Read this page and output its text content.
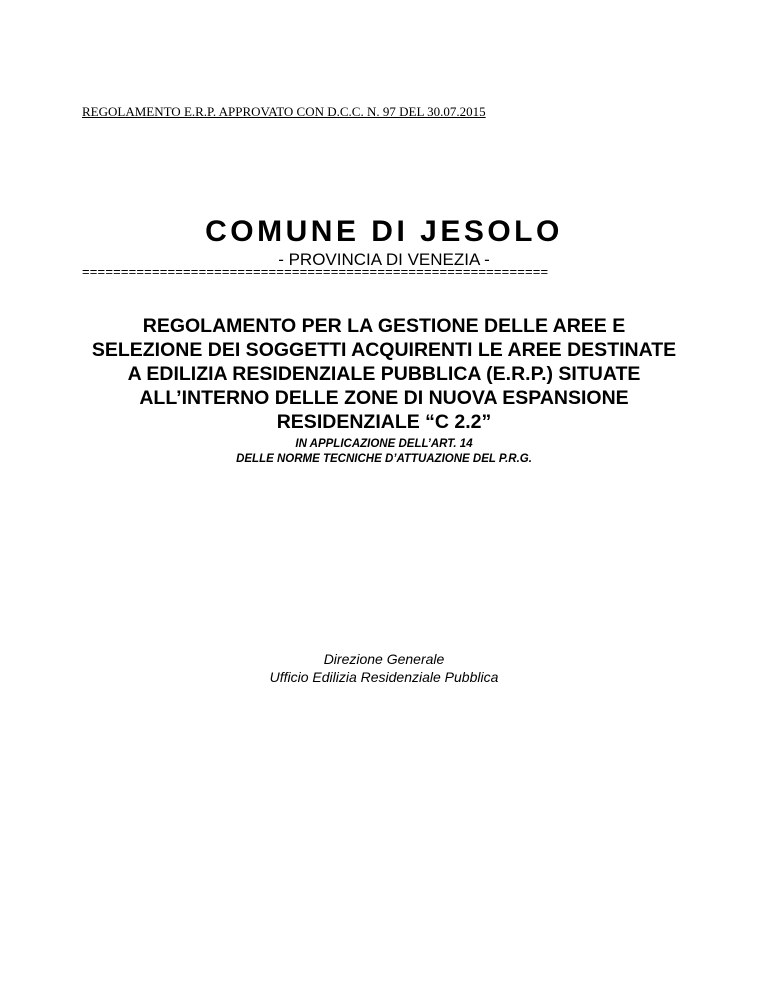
REGOLAMENTO E.R.P. APPROVATO CON D.C.C. N. 97 DEL 30.07.2015
COMUNE DI JESOLO
- PROVINCIA DI VENEZIA -
============================================================
REGOLAMENTO PER LA GESTIONE DELLE AREE E
SELEZIONE DEI SOGGETTI ACQUIRENTI LE AREE DESTINATE
A EDILIZIA RESIDENZIALE PUBBLICA (E.R.P.) SITUATE
ALL’INTERNO DELLE ZONE DI NUOVA ESPANSIONE
RESIDENZIALE “C 2.2”
IN APPLICAZIONE DELL’ART. 14
DELLE NORME TECNICHE D’ATTUAZIONE DEL P.R.G.
Direzione Generale
Ufficio Edilizia Residenziale Pubblica
